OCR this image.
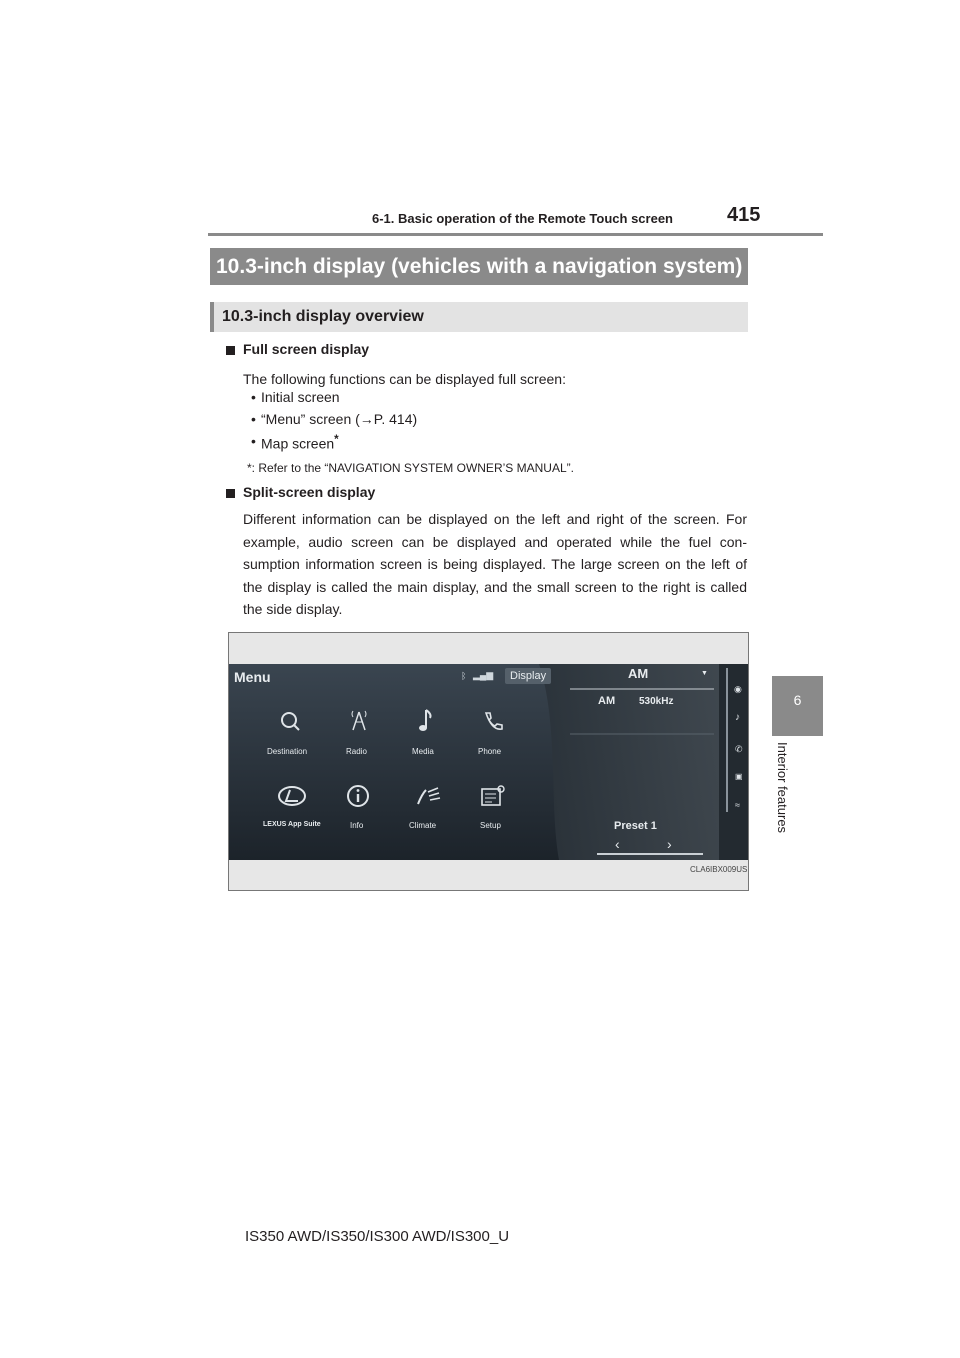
6-1. Basic operation of the Remote Touch screen	415
6
Interior features
10.3-inch display (vehicles with a navigation system)
10.3-inch display overview
Full screen display
The following functions can be displayed full screen:
• Initial screen
• “Menu” screen (→P. 414)
• Map screen*
*: Refer to the “NAVIGATION SYSTEM OWNER’S MANUAL”.
Split-screen display
Different information can be displayed on the left and right of the screen. For example, audio screen can be displayed and operated while the fuel con-sumption information screen is being displayed. The large screen on the left of the display is called the main display, and the small screen to the right is called the side display.
Menu	ᛒ ▂▄▆ Display
Destination	Radio	Media	Phone
LEXUS App Suite	Info	Climate	Setup
AM	▼
AM 530kHz
Preset 1
‹	›
◉
♪
✆
▣
≈
CLA6IBX009US
IS350 AWD/IS350/IS300 AWD/IS300_U
